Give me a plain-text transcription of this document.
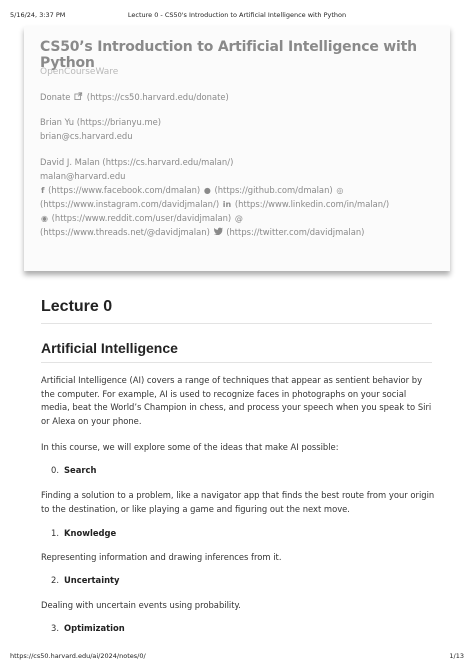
5/16/24, 3:37 PM	Lecture 0 - CS50's Introduction to Artificial Intelligence with Python
CS50’s Introduction to Artificial Intelligence with Python
OpenCourseWare
Donate (https://cs50.harvard.edu/donate)
Brian Yu (https://brianyu.me)
brian@cs.harvard.edu
David J. Malan (https://cs.harvard.edu/malan/)
malan@harvard.edu
f (https://www.facebook.com/dmalan) ● (https://github.com/dmalan) ◎
(https://www.instagram.com/davidjmalan/) in (https://www.linkedin.com/in/malan/)
◉ (https://www.reddit.com/user/davidjmalan) @
(https://www.threads.net/@davidjmalan) (https://twitter.com/davidjmalan)
Lecture 0
Artificial Intelligence

Artificial Intelligence (AI) covers a range of techniques that appear as sentient behavior by the computer. For example, AI is used to recognize faces in photographs on your social media, beat the World’s Champion in chess, and process your speech when you speak to Siri or Alexa on your phone.

In this course, we will explore some of the ideas that make AI possible:

0. Search

Finding a solution to a problem, like a navigator app that finds the best route from your origin to the destination, or like playing a game and figuring out the next move.

1. Knowledge

Representing information and drawing inferences from it.

2. Uncertainty

Dealing with uncertain events using probability.

3. Optimization
https://cs50.harvard.edu/ai/2024/notes/0/	1/13
